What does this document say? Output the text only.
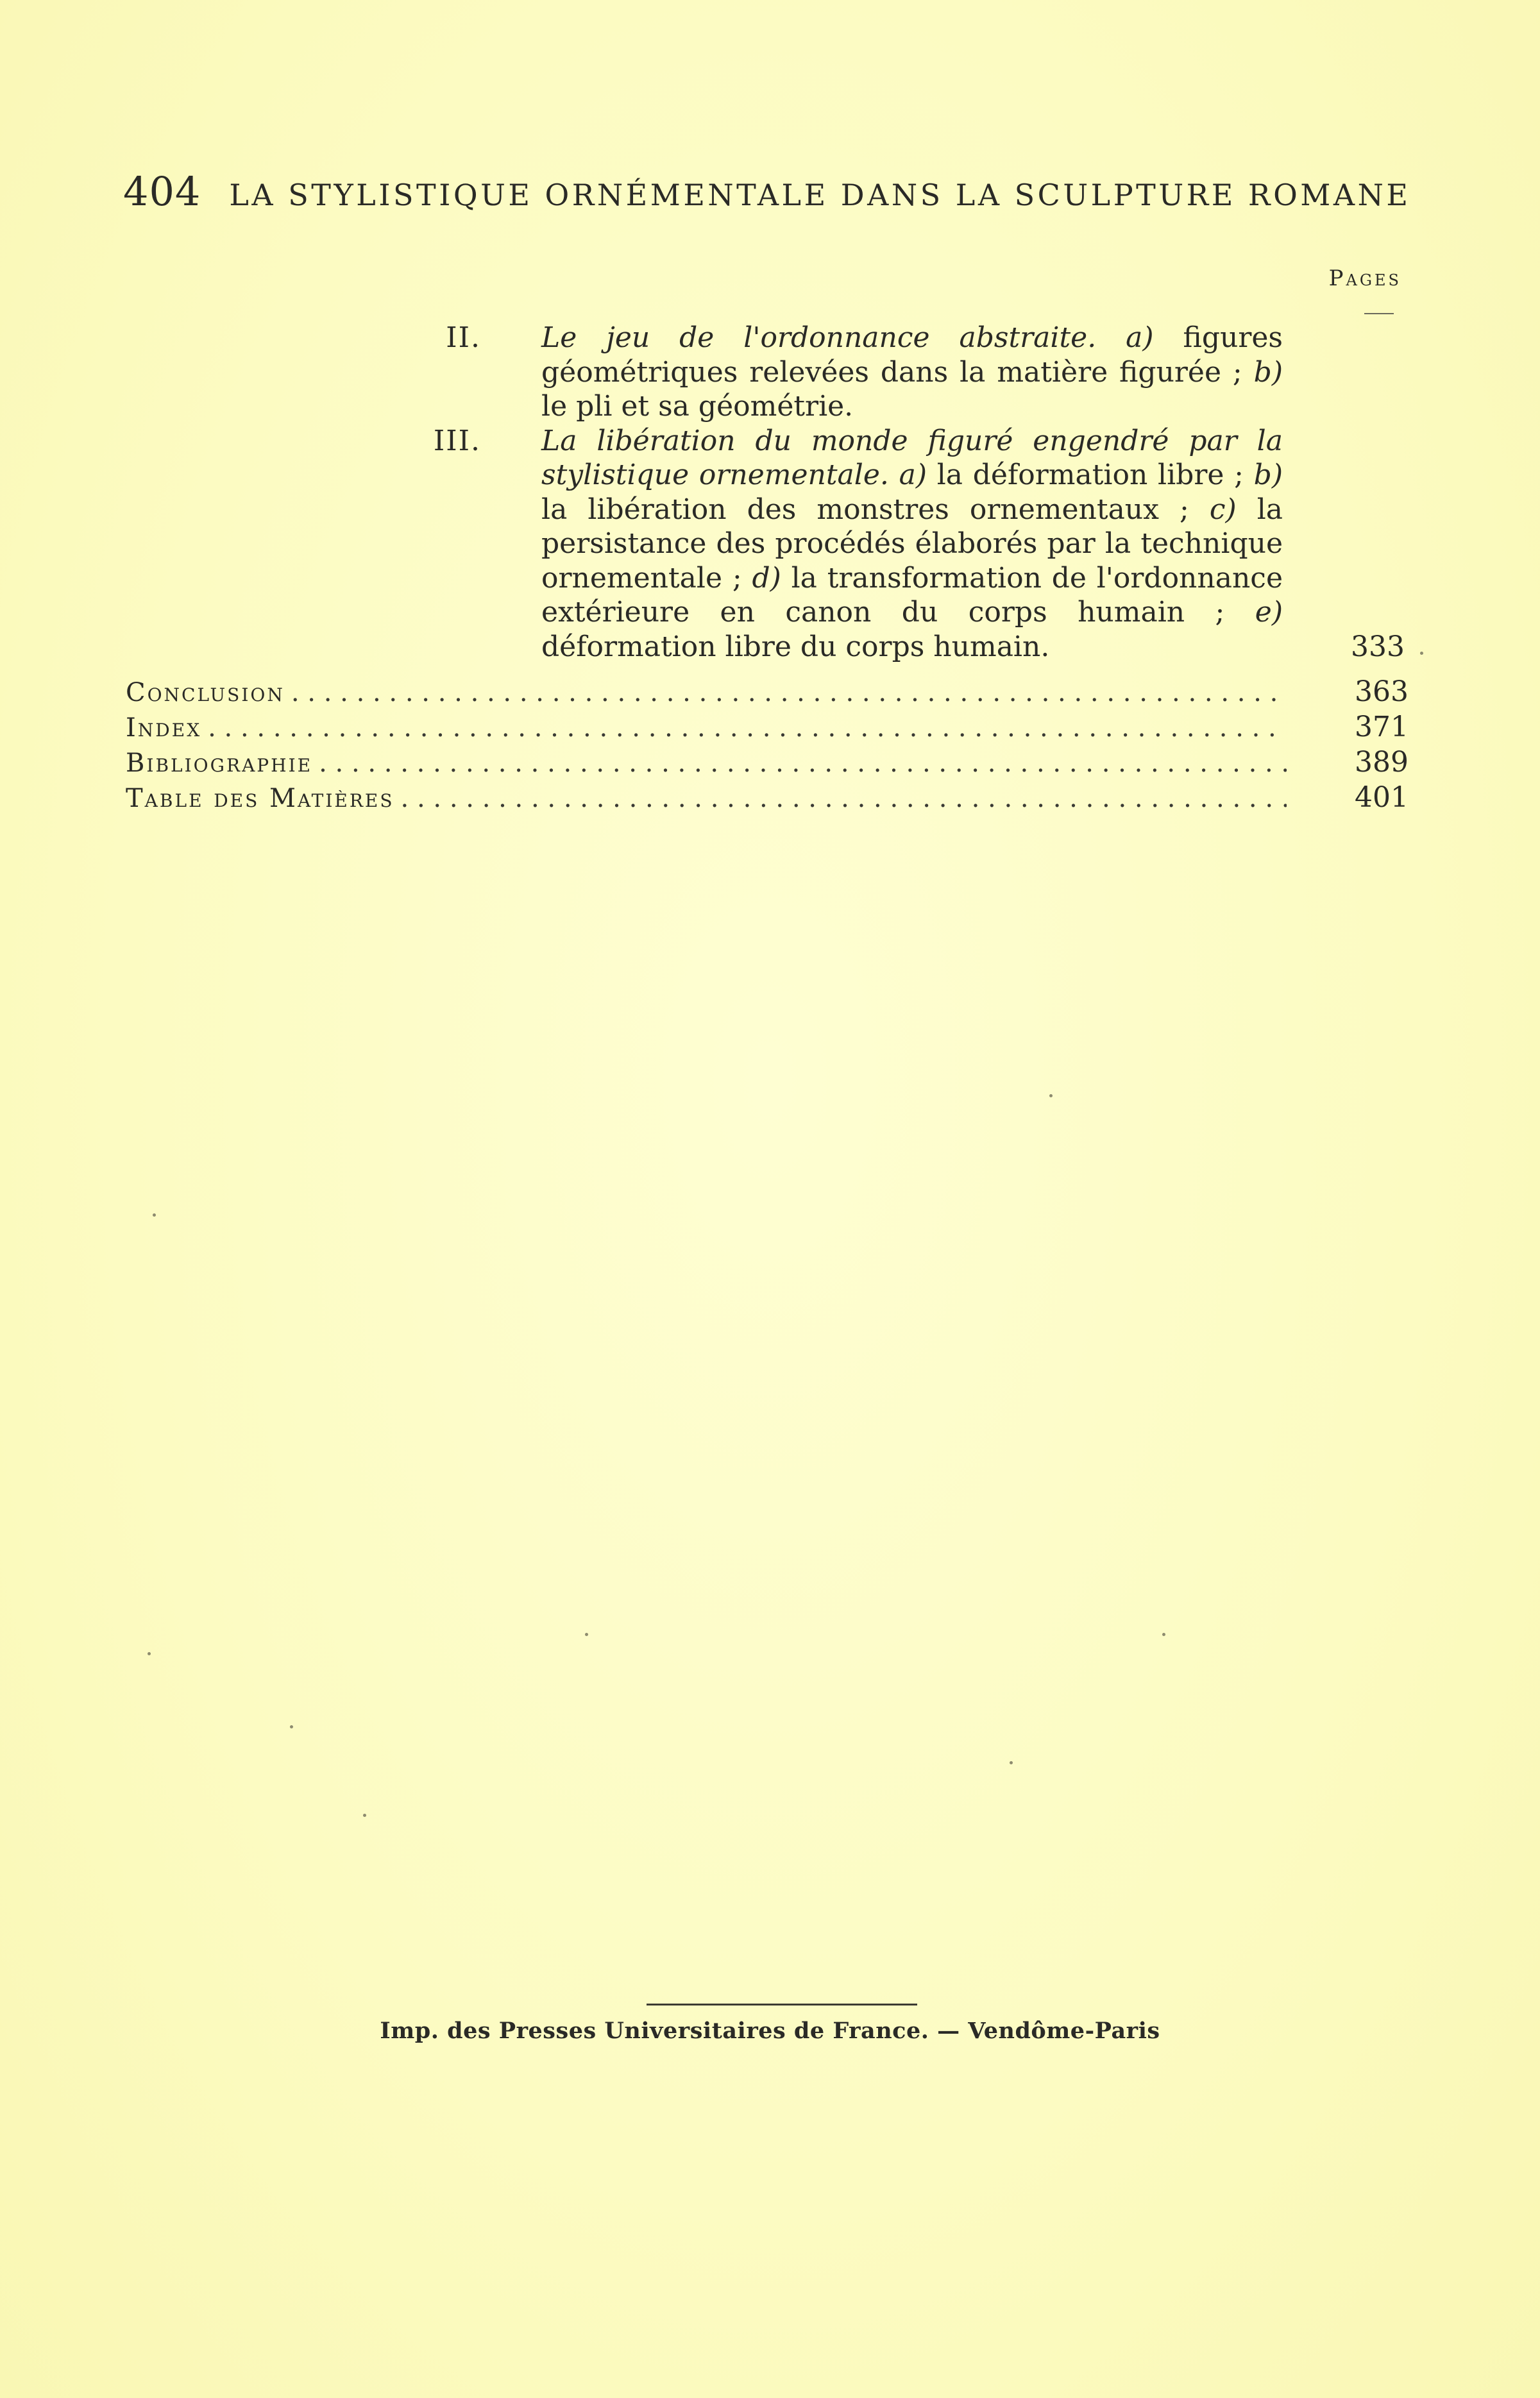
404 LA STYLISTIQUE ORNÉMENTALE DANS LA SCULPTURE ROMANE
Pages
II. Le jeu de l'ordonnance abstraite. a) figures géométriques relevées dans la matière figurée ; b) le pli et sa géométrie.
III. La libération du monde figuré engendré par la stylistique ornementale. a) la déformation libre ; b) la libération des monstres ornementaux ; c) la persistance des procédés élaborés par la technique ornementale ; d) la transformation de l'ordonnance extérieure en canon du corps humain ; e) déformation libre du corps humain.	333
Conclusion . . .	363
Index . . .	371
Bibliographie . . .	389
Table des Matières . . .	401
Imp. des Presses Universitaires de France. — Vendôme-Paris
